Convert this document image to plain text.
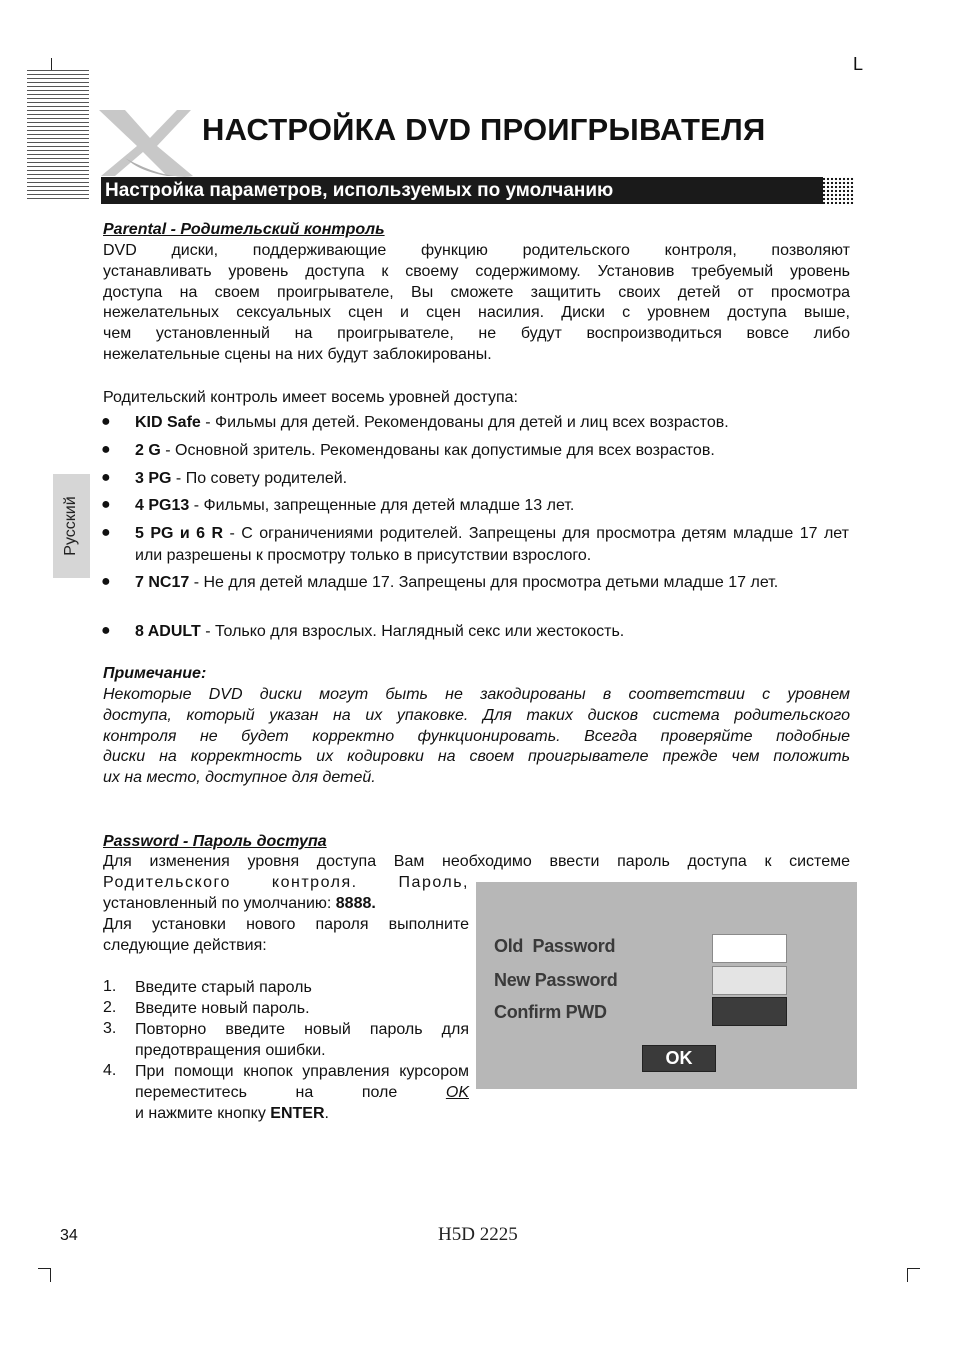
L
НАСТРОЙКА DVD ПРОИГРЫВАТЕЛЯ
Настройка параметров, используемых по умолчанию
Русский
Parental - Родительский контроль
DVD диски, поддерживающие функцию родительского контроля, позволяют
устанавливать уровень доступа к своему содержимому. Установив требуемый уровень
доступа на своем проигрывателе, Вы сможете защитить своих детей от просмотра
нежелательных сексуальных сцен и сцен насилия. Диски с уровнем доступа выше,
чем установленный на проигрывателе, не будут воспроизводиться вовсе либо
нежелательные сцены на них будут заблокированы.
Родительский контроль имеет восемь уровней доступа:
● KID Safe - Фильмы для детей. Рекомендованы для детей и лиц всех возрастов.
● 2 G - Основной зритель. Рекомендованы как допустимые для всех возрастов.
● 3 PG - По совету родителей.
● 4 PG13 - Фильмы, запрещенные для детей младше 13 лет.
● 5 PG и 6 R - С ограничениями родителей. Запрещены для просмотра детям младше 17 лет или разрешены к просмотру только в присутствии взрослого.
● 7 NC17 - Не для детей младше 17. Запрещены для просмотра детьми младше 17 лет.
● 8 ADULT - Только для взрослых. Наглядный секс или жестокость.
Примечание:
Некоторые DVD диски могут быть не закодированы в соответствии с уровнем
доступа, который указан на их упаковке. Для таких дисков система родительского
контроля не будет корректно функционировать. Всегда проверяйте подобные
диски на корректность их кодировки на своем проигрывателе прежде чем положить
их на место, доступное для детей.
Password - Пароль доступа
Для изменения уровня доступа Вам необходимо ввести пароль доступа к системе
Родительского контроля. Пароль,
установленный по умолчанию: 8888.
Для установки нового пароля выполните
следующие действия:
1. Введите старый пароль
2. Введите новый пароль.
3. Повторно введите новый пароль для предотвращения ошибки.
4. При помощи кнопок управления курсором переместитесь на поле OK
и нажмите кнопку ENTER.
Old  Password
New Password
Confirm PWD
OK
34	H5D 2225
